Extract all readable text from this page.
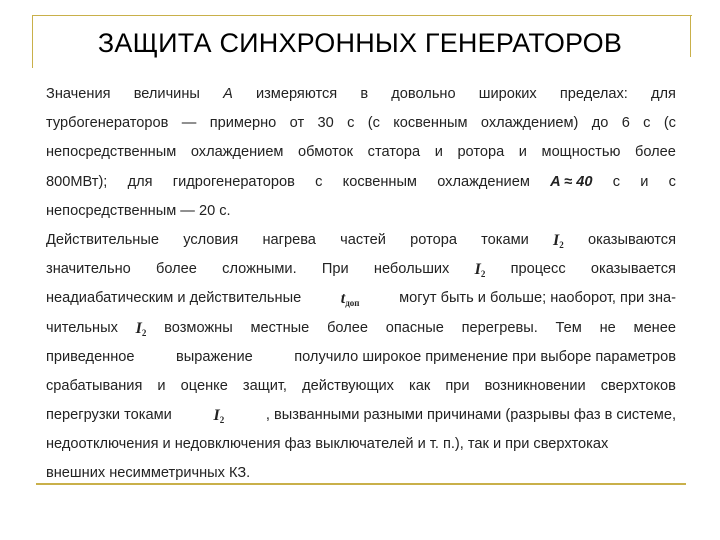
ЗАЩИТА СИНХРОННЫХ ГЕНЕРАТОРОВ
Значения величины A измеряются в довольно широких пределах: для
турбогенераторов — примерно от 30 с (с косвенным охлаждением) до 6 с (с
непосредственным охлаждением обмоток статора и ротора и мощностью более
800МВт); для гидрогенераторов с косвенным охлаждением A ≈ 40 с и с
непосредственным — 20 с.
Действительные условия нагрева частей ротора токами $I_2$ оказываются
значительно более сложными. При небольших $I_2$ процесс оказывается
неадиабатическим и действительные $t_{доп}$	могут быть и больше; наоборот, при зна-
чительных $I_2$ возможны местные более опасные перегревы. Тем не менее
приведенное	выражение	получило широкое применение при выборе параметров
срабатывания и оценке защит, действующих как при возникновении сверхтоков
перегрузки токами	$I_2$	, вызванными разными причинами (разрывы фаз в системе,
недоотключения и недовключения фаз выключателей и т. п.), так и при сверхтоках
внешних несимметричных КЗ.
